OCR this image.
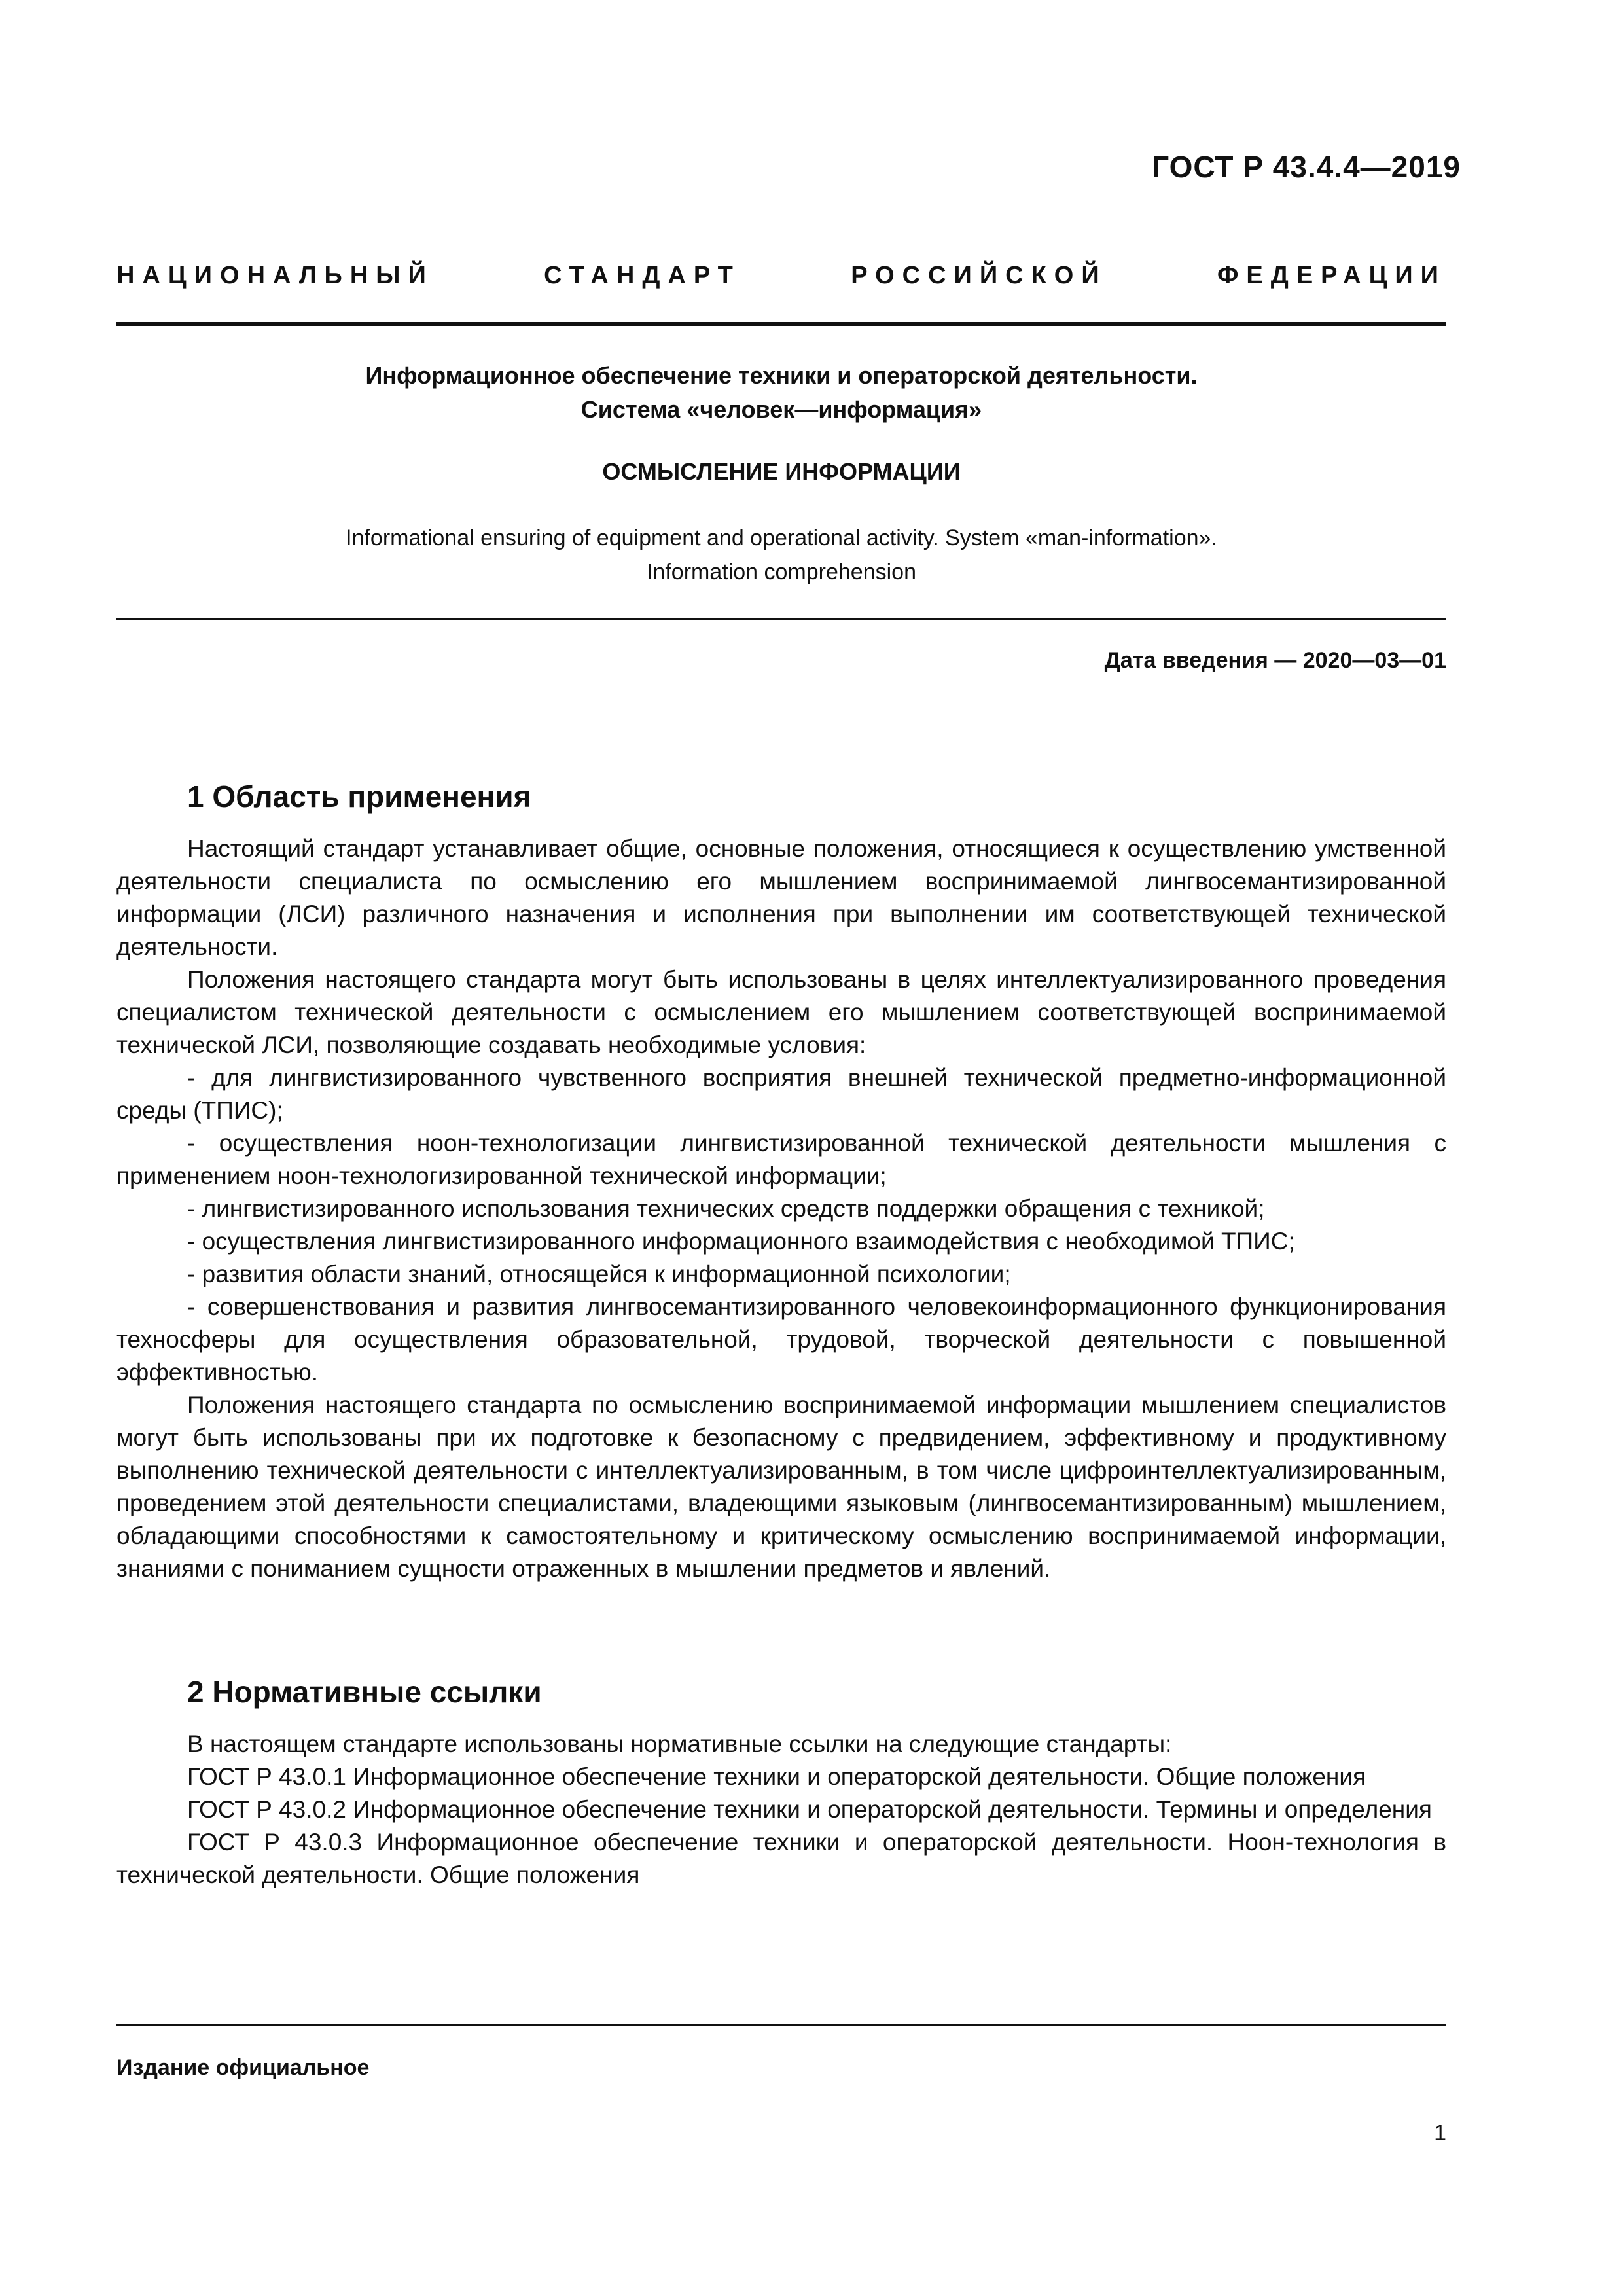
ГОСТ Р 43.4.4—2019
НАЦИОНАЛЬНЫЙ СТАНДАРТ РОССИЙСКОЙ ФЕДЕРАЦИИ
Информационное обеспечение техники и операторской деятельности.
Система «человек—информация»
ОСМЫСЛЕНИЕ ИНФОРМАЦИИ
Informational ensuring of equipment and operational activity. System «man-information».
Information comprehension
Дата введения — 2020—03—01
1 Область применения

Настоящий стандарт устанавливает общие, основные положения, относящиеся к осуществлению умственной деятельности специалиста по осмыслению его мышлением воспринимаемой лингвосемантизированной информации (ЛСИ) различного назначения и исполнения при выполнении им соответствующей технической деятельности.

Положения настоящего стандарта могут быть использованы в целях интеллектуализированного проведения специалистом технической деятельности с осмыслением его мышлением соответствующей воспринимаемой технической ЛСИ, позволяющие создавать необходимые условия:

- для лингвистизированного чувственного восприятия внешней технической предметно-информационной среды (ТПИС);

- осуществления ноон-технологизации лингвистизированной технической деятельности мышления с применением ноон-технологизированной технической информации;

- лингвистизированного использования технических средств поддержки обращения с техникой;

- осуществления лингвистизированного информационного взаимодействия с необходимой ТПИС;

- развития области знаний, относящейся к информационной психологии;

- совершенствования и развития лингвосемантизированного человекоинформационного функционирования техносферы для осуществления образовательной, трудовой, творческой деятельности с повышенной эффективностью.

Положения настоящего стандарта по осмыслению воспринимаемой информации мышлением специалистов могут быть использованы при их подготовке к безопасному с предвидением, эффективному и продуктивному выполнению технической деятельности с интеллектуализированным, в том числе цифроинтеллектуализированным, проведением этой деятельности специалистами, владеющими языковым (лингвосемантизированным) мышлением, обладающими способностями к самостоятельному и критическому осмыслению воспринимаемой информации, знаниями с пониманием сущности отраженных в мышлении предметов и явлений.

2 Нормативные ссылки

В настоящем стандарте использованы нормативные ссылки на следующие стандарты:

ГОСТ Р 43.0.1 Информационное обеспечение техники и операторской деятельности. Общие положения

ГОСТ Р 43.0.2 Информационное обеспечение техники и операторской деятельности. Термины и определения

ГОСТ Р 43.0.3 Информационное обеспечение техники и операторской деятельности. Ноон-технология в технической деятельности. Общие положения

Издание официальное
1
